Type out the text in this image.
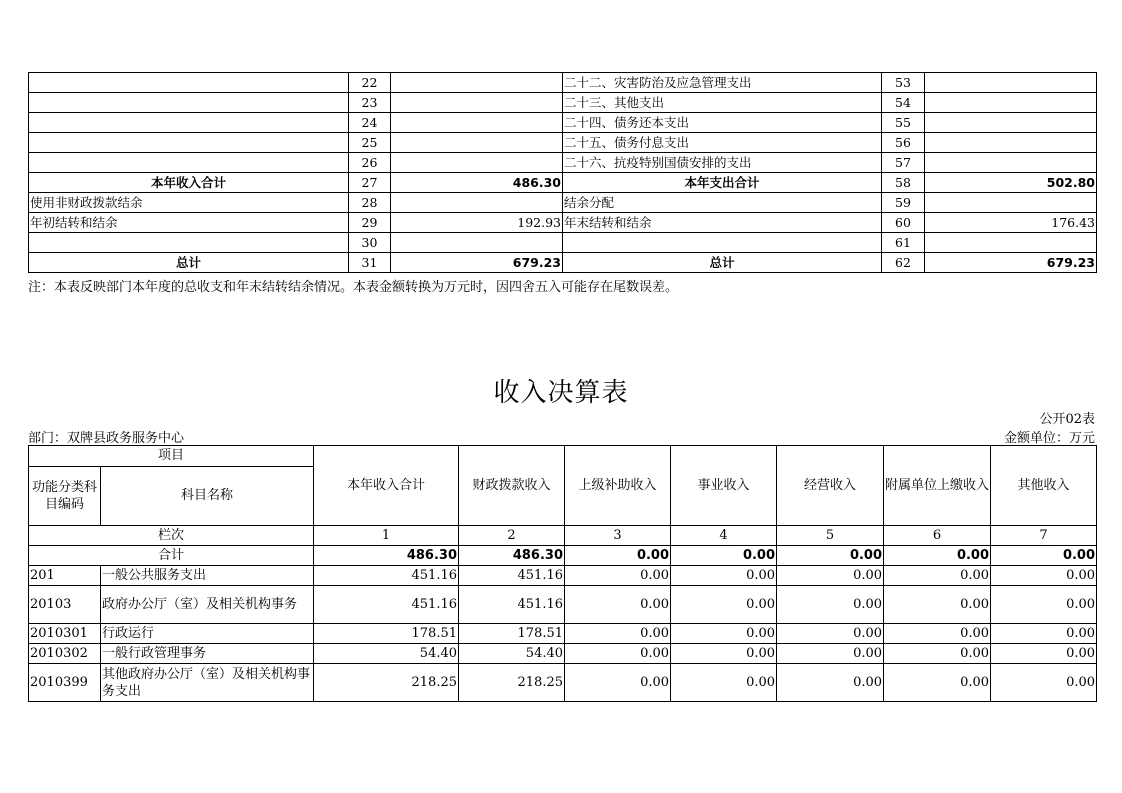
	22		二十二、灾害防治及应急管理支出	53	
	23		二十三、其他支出	54	
	24		二十四、债务还本支出	55	
	25		二十五、债务付息支出	56	
	26		二十六、抗疫特别国债安排的支出	57	
本年收入合计	27	486.30	本年支出合计	58	502.80
使用非财政拨款结余	28		结余分配	59	
年初结转和结余	29	192.93	年末结转和结余	60	176.43
	30			61	
总计	31	679.23	总计	62	679.23
注：本表反映部门本年度的总收支和年末结转结余情况。本表金额转换为万元时，因四舍五入可能存在尾数误差。
收入决算表
公开02表
部门：双牌县政务服务中心	金额单位：万元
项目		本年收入合计	财政拨款收入	上级补助收入	事业收入	经营收入	附属单位上缴收入	其他收入
功能分类科目编码	科目名称							
栏次		1	2	3	4	5	6	7
合计		486.30	486.30	0.00	0.00	0.00	0.00	0.00
201	一般公共服务支出	451.16	451.16	0.00	0.00	0.00	0.00	0.00
20103	政府办公厅（室）及相关机构事务	451.16	451.16	0.00	0.00	0.00	0.00	0.00
2010301	行政运行	178.51	178.51	0.00	0.00	0.00	0.00	0.00
2010302	一般行政管理事务	54.40	54.40	0.00	0.00	0.00	0.00	0.00
2010399	其他政府办公厅（室）及相关机构事务支出	218.25	218.25	0.00	0.00	0.00	0.00	0.00
